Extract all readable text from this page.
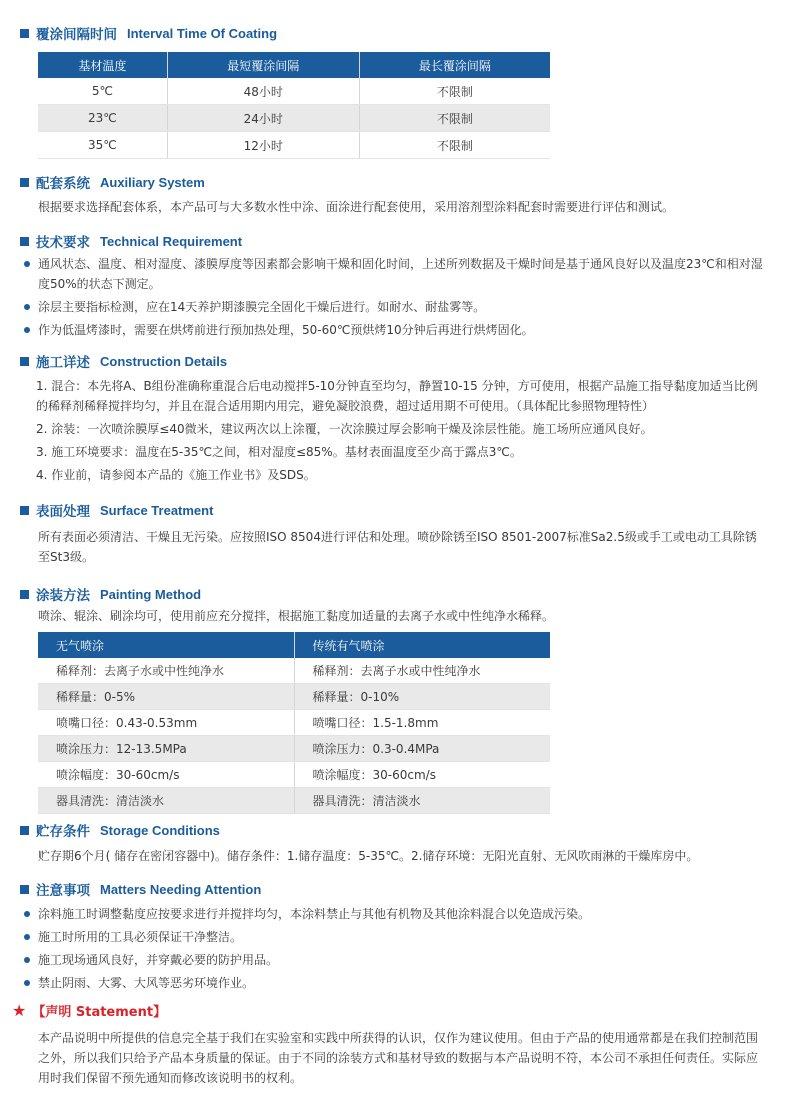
覆涂间隔时间 Interval Time Of Coating
基材温度	最短覆涂间隔	最长覆涂间隔
5℃	48小时	不限制
23℃	24小时	不限制
35℃	12小时	不限制
配套系统 Auxiliary System
根据要求选择配套体系，本产品可与大多数水性中涂、面涂进行配套使用，采用溶剂型涂料配套时需要进行评估和测试。
技术要求 Technical Requirement
通风状态、温度、相对湿度、漆膜厚度等因素都会影响干燥和固化时间，上述所列数据及干燥时间是基于通风良好以及温度23℃和相对湿度50%的状态下测定。
涂层主要指标检测，应在14天养护期漆膜完全固化干燥后进行。如耐水、耐盐雾等。
作为低温烤漆时，需要在烘烤前进行预加热处理，50-60℃预烘烤10分钟后再进行烘烤固化。
施工详述 Construction Details
1. 混合：本先将A、B组份准确称重混合后电动搅拌5-10分钟直至均匀，静置10-15 分钟，方可使用，根据产品施工指导黏度加适当比例的稀释剂稀释搅拌均匀，并且在混合适用期内用完，避免凝胶浪费，超过适用期不可使用。（具体配比参照物理特性）
2. 涂装：一次喷涂膜厚≤40微米，建议两次以上涂覆，一次涂膜过厚会影响干燥及涂层性能。施工场所应通风良好。
3. 施工环境要求：温度在5-35℃之间，相对湿度≤85%。基材表面温度至少高于露点3℃。
4. 作业前，请参阅本产品的《施工作业书》及SDS。
表面处理 Surface Treatment
所有表面必须清洁、干燥且无污染。应按照ISO 8504进行评估和处理。喷砂除锈至ISO 8501-2007标准Sa2.5级或手工或电动工具除锈至St3级。
涂装方法 Painting Method
喷涂、辊涂、刷涂均可，使用前应充分搅拌，根据施工黏度加适量的去离子水或中性纯净水稀释。
无气喷涂	传统有气喷涂
稀释剂：去离子水或中性纯净水	稀释剂：去离子水或中性纯净水
稀释量：0-5%	稀释量：0-10%
喷嘴口径：0.43-0.53mm	喷嘴口径：1.5-1.8mm
喷涂压力：12-13.5MPa	喷涂压力：0.3-0.4MPa
喷涂幅度：30-60cm/s	喷涂幅度：30-60cm/s
器具清洗：清洁淡水	器具清洗：清洁淡水
贮存条件 Storage Conditions
贮存期6个月( 储存在密闭容器中)。储存条件：1.储存温度：5-35℃。2.储存环境：无阳光直射、无风吹雨淋的干燥库房中。
注意事项 Matters Needing Attention
涂料施工时调整黏度应按要求进行并搅拌均匀，本涂料禁止与其他有机物及其他涂料混合以免造成污染。
施工时所用的工具必须保证干净整洁。
施工现场通风良好，并穿戴必要的防护用品。
禁止阴雨、大雾、大风等恶劣环境作业。
★ 【声明 Statement】
本产品说明中所提供的信息完全基于我们在实验室和实践中所获得的认识，仅作为建议使用。但由于产品的使用通常都是在我们控制范围之外，所以我们只给予产品本身质量的保证。由于不同的涂装方式和基材导致的数据与本产品说明不符，本公司不承担任何责任。实际应用时我们保留不预先通知而修改该说明书的权利。
